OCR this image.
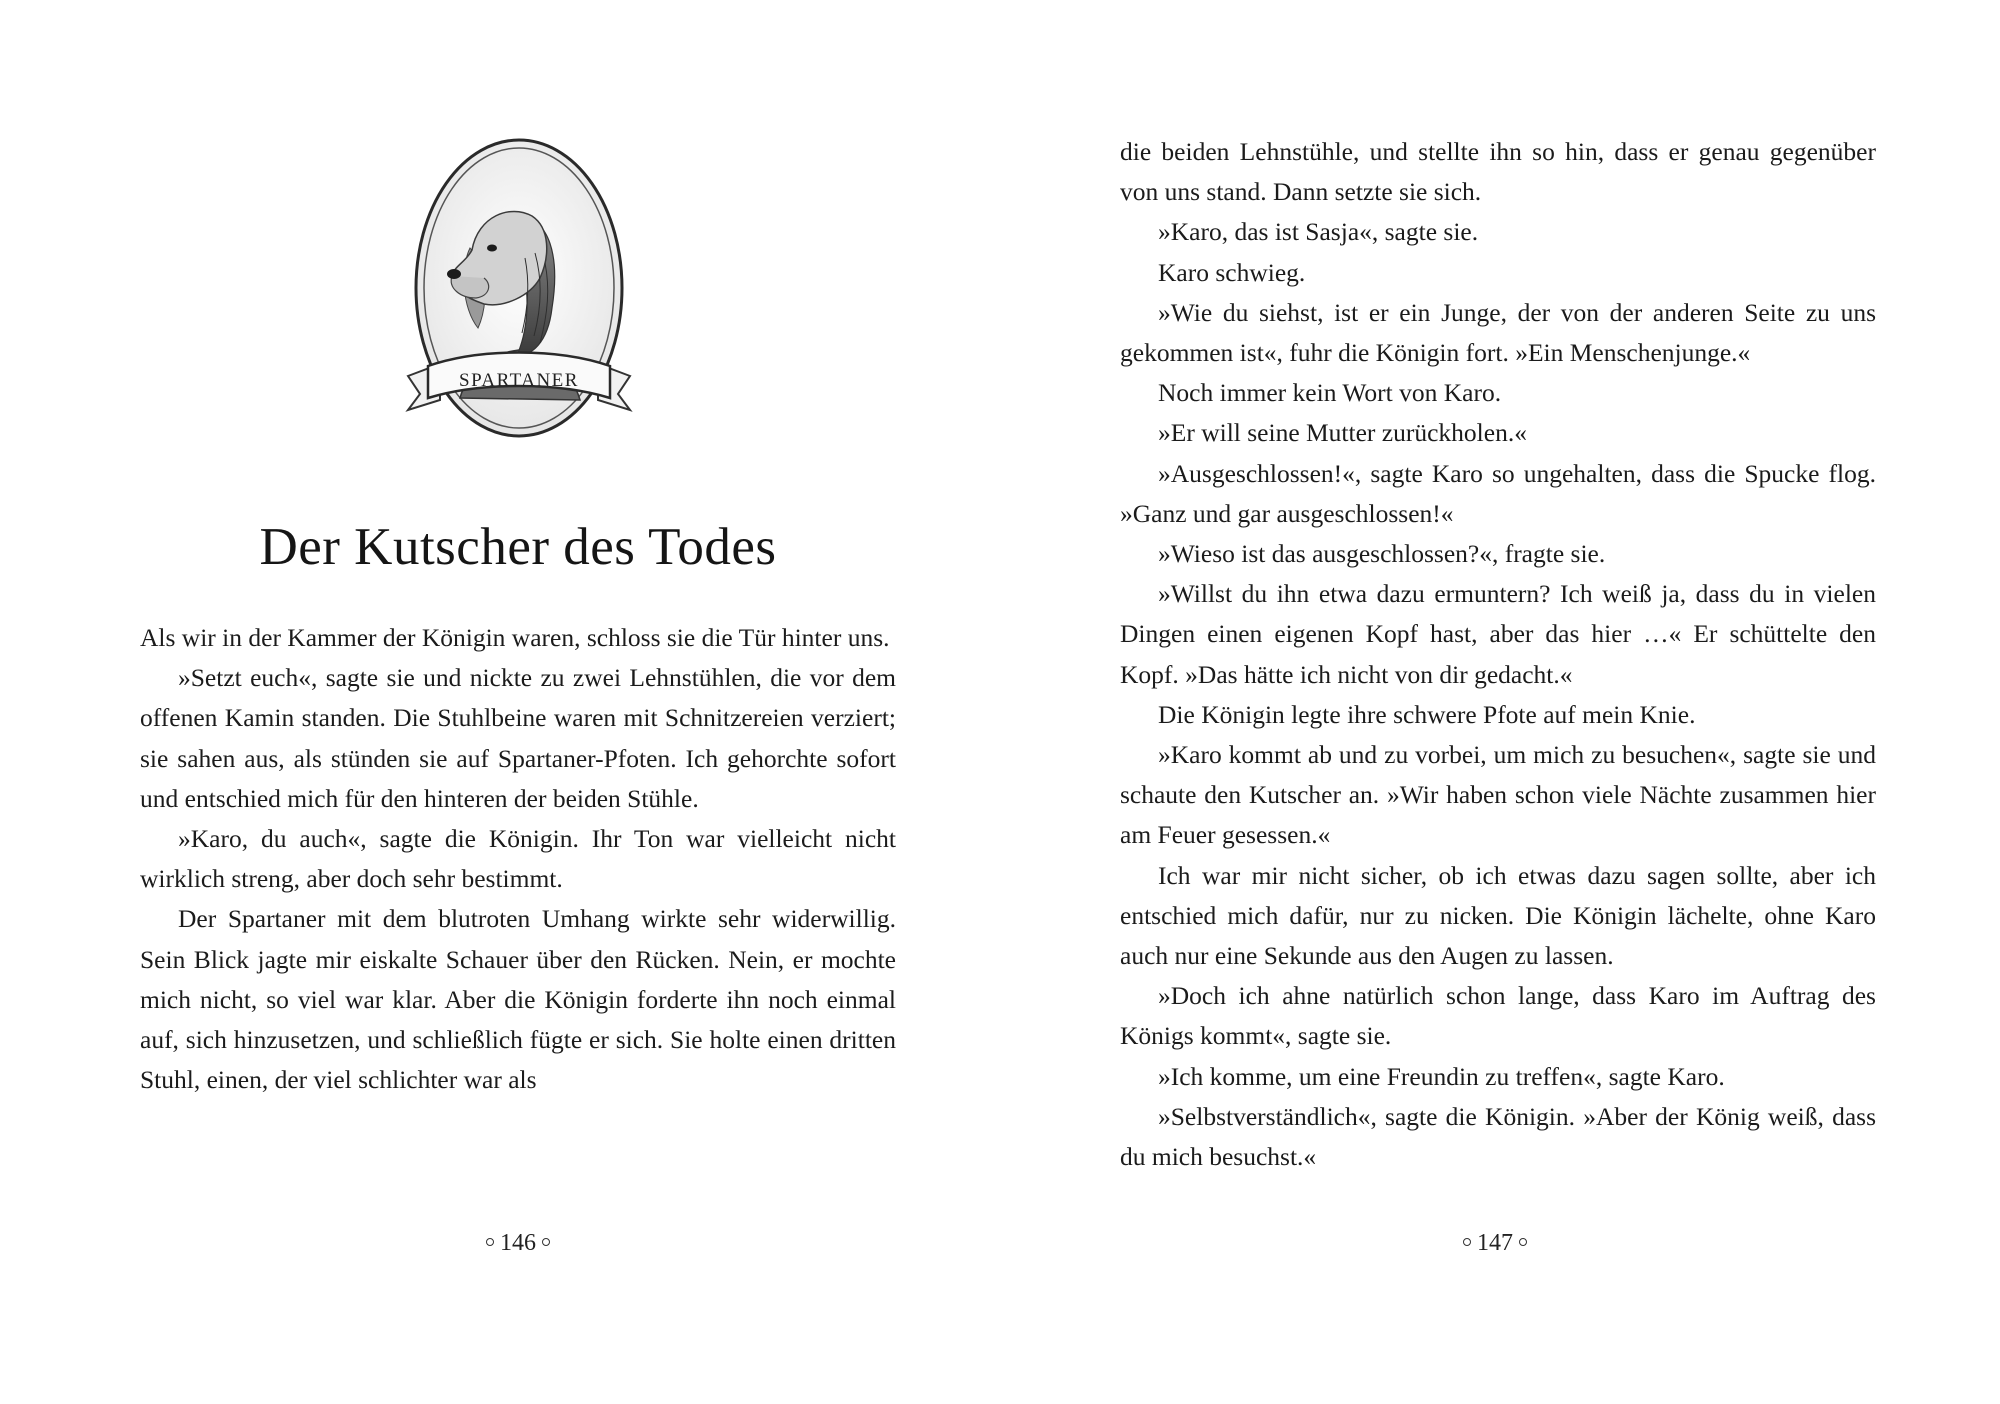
SPARTANER
Der Kutscher des Todes

Als wir in der Kammer der Königin waren, schloss sie die Tür hinter uns.

»Setzt euch«, sagte sie und nickte zu zwei Lehnstühlen, die vor dem offenen Kamin standen. Die Stuhlbeine waren mit Schnitzereien verziert; sie sahen aus, als stünden sie auf Spartaner-Pfoten. Ich gehorchte sofort und entschied mich für den hinteren der beiden Stühle.

»Karo, du auch«, sagte die Königin. Ihr Ton war vielleicht nicht wirklich streng, aber doch sehr bestimmt.

Der Spartaner mit dem blutroten Umhang wirkte sehr widerwillig. Sein Blick jagte mir eiskalte Schauer über den Rücken. Nein, er mochte mich nicht, so viel war klar. Aber die Königin forderte ihn noch einmal auf, sich hinzusetzen, und schließlich fügte er sich. Sie holte einen dritten Stuhl, einen, der viel schlichter war als

146

die beiden Lehnstühle, und stellte ihn so hin, dass er genau gegenüber von uns stand. Dann setzte sie sich.

»Karo, das ist Sasja«, sagte sie.

Karo schwieg.

»Wie du siehst, ist er ein Junge, der von der anderen Seite zu uns gekommen ist«, fuhr die Königin fort. »Ein Menschenjunge.«

Noch immer kein Wort von Karo.

»Er will seine Mutter zurückholen.«

»Ausgeschlossen!«, sagte Karo so ungehalten, dass die Spucke flog. »Ganz und gar ausgeschlossen!«

»Wieso ist das ausgeschlossen?«, fragte sie.

»Willst du ihn etwa dazu ermuntern? Ich weiß ja, dass du in vielen Dingen einen eigenen Kopf hast, aber das hier …« Er schüttelte den Kopf. »Das hätte ich nicht von dir gedacht.«

Die Königin legte ihre schwere Pfote auf mein Knie.

»Karo kommt ab und zu vorbei, um mich zu besuchen«, sagte sie und schaute den Kutscher an. »Wir haben schon viele Nächte zusammen hier am Feuer gesessen.«

Ich war mir nicht sicher, ob ich etwas dazu sagen sollte, aber ich entschied mich dafür, nur zu nicken. Die Königin lächelte, ohne Karo auch nur eine Sekunde aus den Augen zu lassen.

»Doch ich ahne natürlich schon lange, dass Karo im Auftrag des Königs kommt«, sagte sie.

»Ich komme, um eine Freundin zu treffen«, sagte Karo.

»Selbstverständlich«, sagte die Königin. »Aber der König weiß, dass du mich besuchst.«

147
